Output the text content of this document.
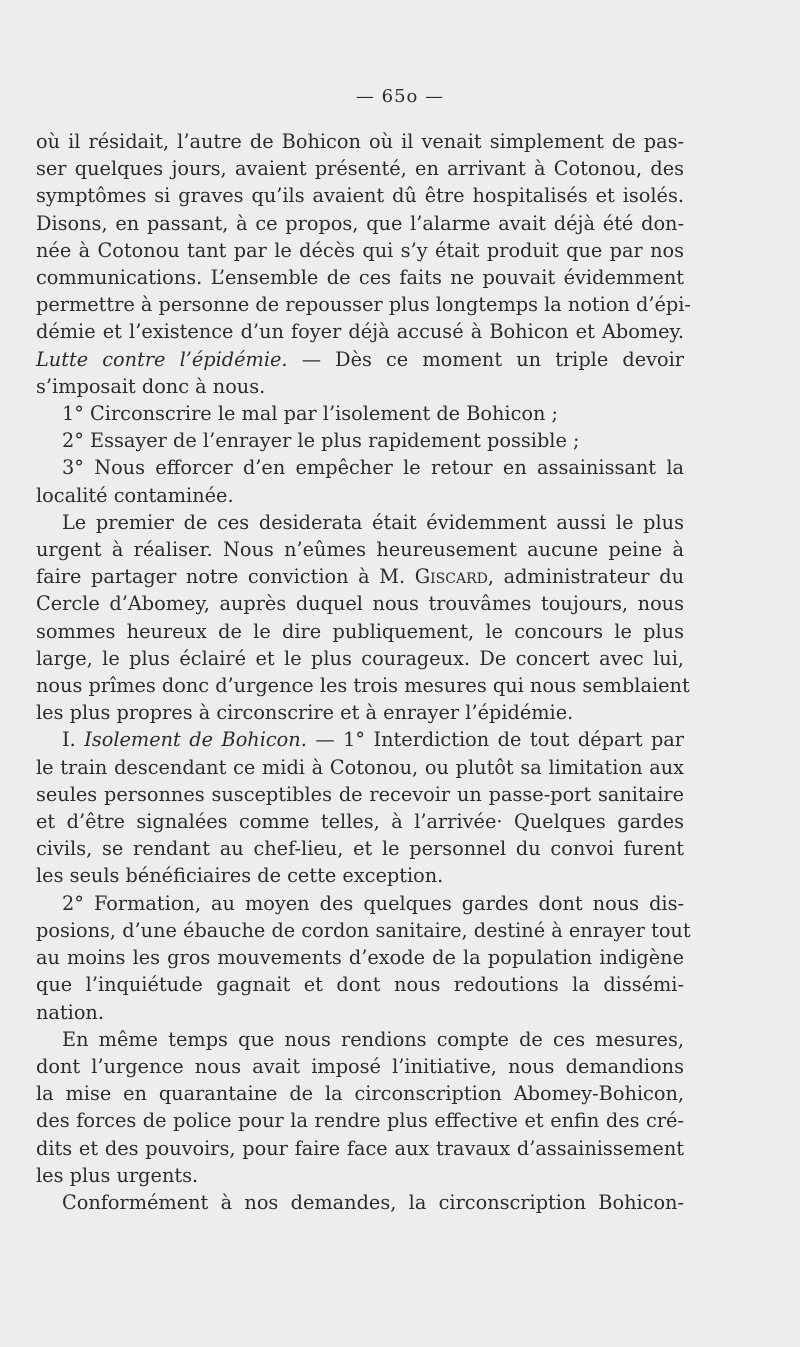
— 65o —
où il résidait, l’autre de Bohicon où il venait simplement de pas-
ser quelques jours, avaient présenté, en arrivant à Cotonou, des
symptômes si graves qu’ils avaient dû être hospitalisés et isolés.
Disons, en passant, à ce propos, que l’alarme avait déjà été don-
née à Cotonou tant par le décès qui s’y était produit que par nos
communications. L’ensemble de ces faits ne pouvait évidemment
permettre à personne de repousser plus longtemps la notion d’épi-
démie et l’existence d’un foyer déjà accusé à Bohicon et Abomey.
Lutte contre l’épidémie. — Dès ce moment un triple devoir
s’imposait donc à nous.
1° Circonscrire le mal par l’isolement de Bohicon ;
2° Essayer de l’enrayer le plus rapidement possible ;
3° Nous efforcer d’en empêcher le retour en assainissant la
localité contaminée.
Le premier de ces desiderata était évidemment aussi le plus
urgent à réaliser. Nous n’eûmes heureusement aucune peine à
faire partager notre conviction à M. Giscard, administrateur du
Cercle d’Abomey, auprès duquel nous trouvâmes toujours, nous
sommes heureux de le dire publiquement, le concours le plus
large, le plus éclairé et le plus courageux. De concert avec lui,
nous prîmes donc d’urgence les trois mesures qui nous semblaient
les plus propres à circonscrire et à enrayer l’épidémie.
I. Isolement de Bohicon. — 1° Interdiction de tout départ par
le train descendant ce midi à Cotonou, ou plutôt sa limitation aux
seules personnes susceptibles de recevoir un passe-port sanitaire
et d’être signalées comme telles, à l’arrivée· Quelques gardes
civils, se rendant au chef-lieu, et le personnel du convoi furent
les seuls bénéficiaires de cette exception.
2° Formation, au moyen des quelques gardes dont nous dis-
posions, d’une ébauche de cordon sanitaire, destiné à enrayer tout
au moins les gros mouvements d’exode de la population indigène
que l’inquiétude gagnait et dont nous redoutions la dissémi-
nation.
En même temps que nous rendions compte de ces mesures,
dont l’urgence nous avait imposé l’initiative, nous demandions
la mise en quarantaine de la circonscription Abomey-Bohicon,
des forces de police pour la rendre plus effective et enfin des cré-
dits et des pouvoirs, pour faire face aux travaux d’assainissement
les plus urgents.
Conformément à nos demandes, la circonscription Bohicon-
